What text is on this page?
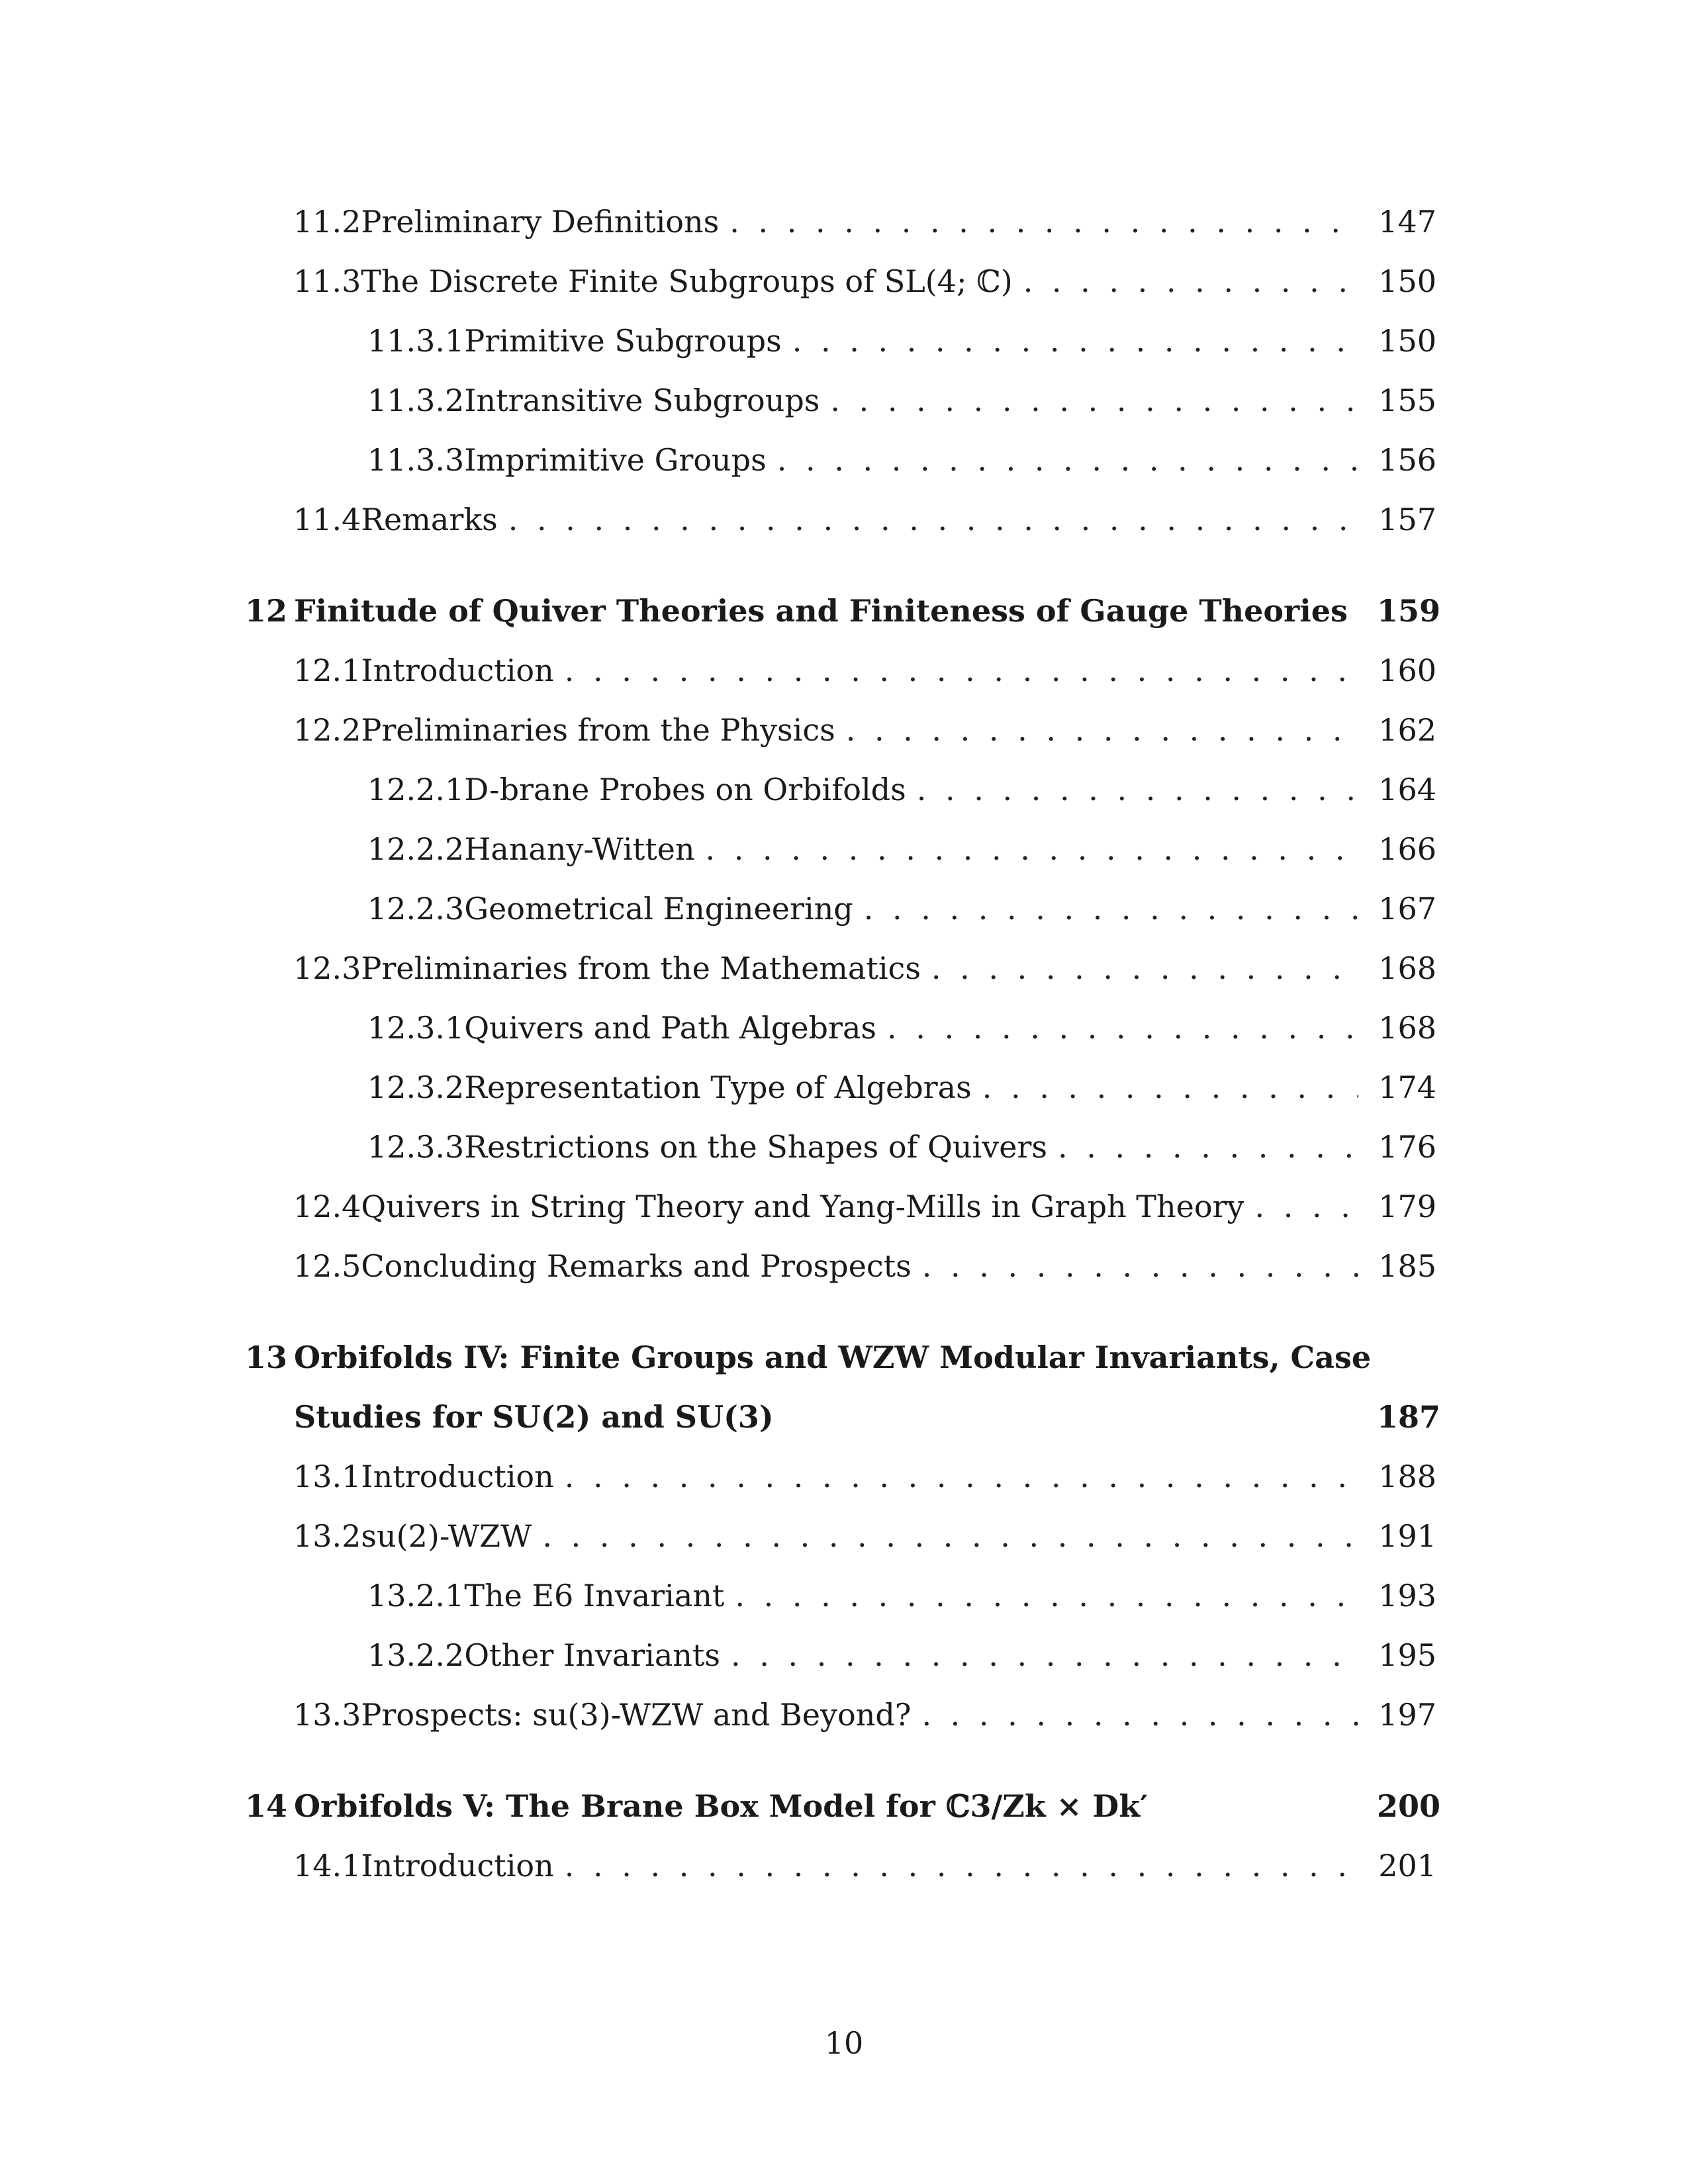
11.2 Preliminary Definitions . . .	147
11.3 The Discrete Finite Subgroups of SL(4; ℂ) . . .	150
11.3.1 Primitive Subgroups . . .	150
11.3.2 Intransitive Subgroups . . .	155
11.3.3 Imprimitive Groups . . .	156
11.4 Remarks . . .	157
12 Finitude of Quiver Theories and Finiteness of Gauge Theories 159
12.1 Introduction . . .	160
12.2 Preliminaries from the Physics . . .	162
12.2.1 D-brane Probes on Orbifolds . . .	164
12.2.2 Hanany-Witten . . .	166
12.2.3 Geometrical Engineering . . .	167
12.3 Preliminaries from the Mathematics . . .	168
12.3.1 Quivers and Path Algebras . . .	168
12.3.2 Representation Type of Algebras . . .	174
12.3.3 Restrictions on the Shapes of Quivers . . .	176
12.4 Quivers in String Theory and Yang-Mills in Graph Theory . . .	179
12.5 Concluding Remarks and Prospects . . .	185
13 Orbifolds IV: Finite Groups and WZW Modular Invariants, Case
Studies for SU(2) and SU(3)	187
13.1 Introduction . . .	188
13.2 su(2)-WZW . . .	191
13.2.1 The E6 Invariant . . .	193
13.2.2 Other Invariants . . .	195
13.3 Prospects: su(3)-WZW and Beyond? . . .	197
14 Orbifolds V: The Brane Box Model for ℂ3/Zk × Dk′	200
14.1 Introduction . . .	201
10
